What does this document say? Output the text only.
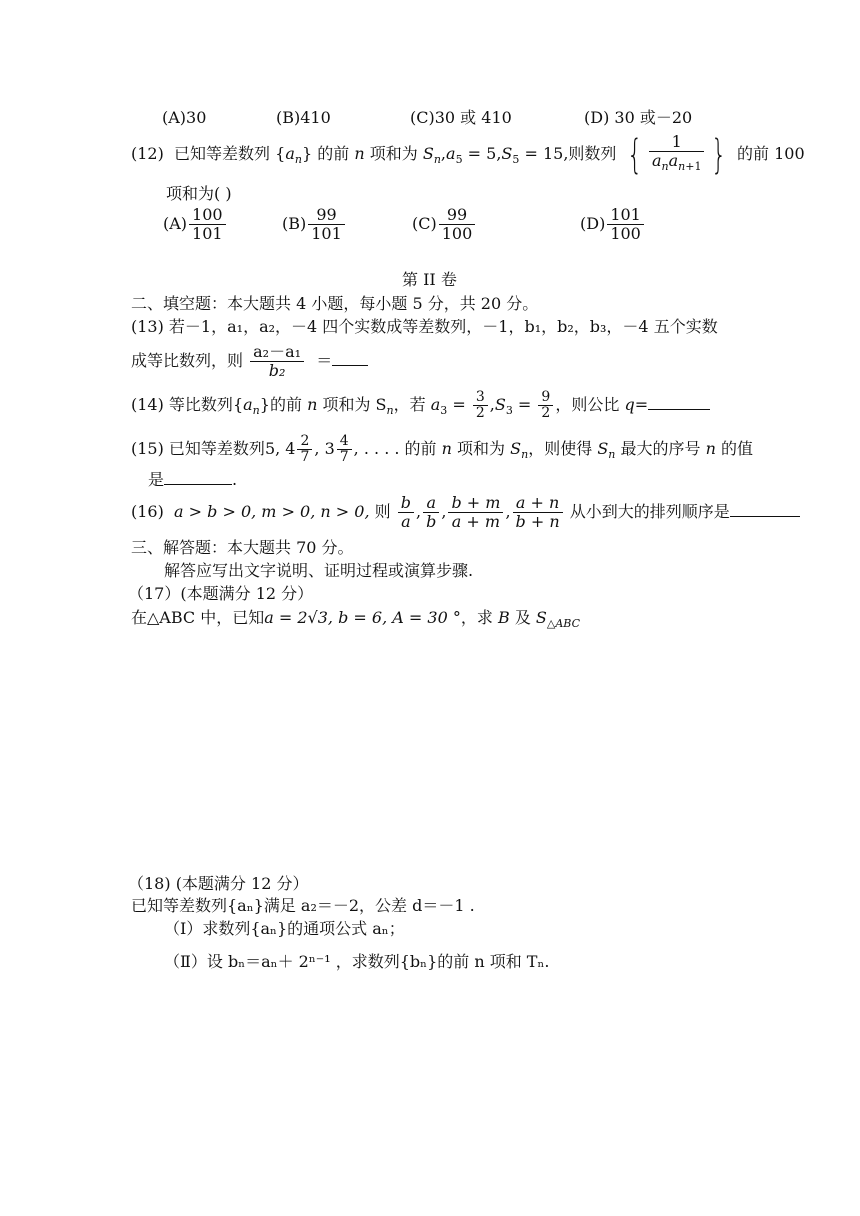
(A)30	(B)410	(C)30 或 410	(D) 30 或－20
(12) 已知等差数列 $\{a_n\}$ 的前 n 项和为 $S_n,a_5 = 5,S_5 = 15$,则数列 { $\frac{1}{a_na_{n+1}}$ } 的前 100
项和为( )
$(A) \frac{100}{101}$	$(B) \frac{99}{101}$	$(C) \frac{99}{100}$	$(D) \frac{101}{100}$
第 II 卷
二、填空题：本大题共 4 小题，每小题 5 分，共 20 分。
(13) 若－1，a₁，a₂，－4 四个实数成等差数列，－1，b₁，b₂，b₃，－4 五个实数
成等比数列，则 $\frac{\text{a₂－a₁}}{\text{b₂}}$ ＝
(14) 等比数列$\{a_n\}$的前 n 项和为 $S_n$，若 $a_3 = \frac{3}{2} ,S_3 = \frac{9}{2}$ ，则公比 q=
(15) 已知等差数列5, $4 \frac{2}{7}$ , $3 \frac{4}{7}$ , . . . . 的前 n 项和为 $S_n$，则使得 $S_n$ 最大的序号 n 的值
是	.
(16) a > b > 0, m > 0, n > 0, 则 $\frac{b}{a}$ , $\frac{a}{b}$ , $\frac{b + m}{a + m}$ , $\frac{a + n}{b + n}$ 从小到大的排列顺序是
三、解答题：本大题共 70 分。
解答应写出文字说明、证明过程或演算步骤.
（17）(本题满分 12 分）
在△ABC 中，已知a = 2√3, b = 6, A = 30 °，求 B 及 $S_{\triangle ABC}$
（18) (本题满分 12 分）
已知等差数列{aₙ}满足 a₂＝－2，公差 d＝－1 .
（Ⅰ）求数列{aₙ}的通项公式 aₙ；
（Ⅱ）设 bₙ＝aₙ＋ 2ⁿ⁻¹ ，求数列{bₙ}的前 n 项和 Tₙ.
